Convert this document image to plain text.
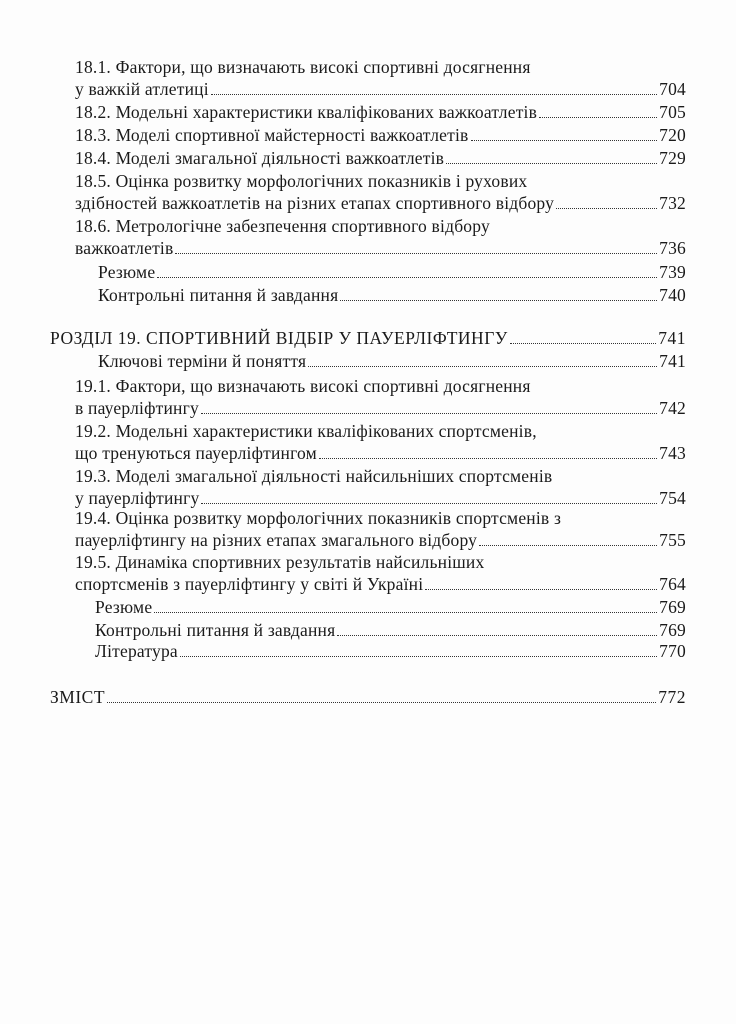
18.1. Фактори, що визначають високі спортивні досягнення
у важкій атлетиці	704
18.2. Модельні характеристики кваліфікованих важкоатлетів	705
18.3. Моделі спортивної майстерності важкоатлетів	720
18.4. Моделі змагальної діяльності важкоатлетів	729
18.5. Оцінка розвитку морфологічних показників і рухових
здібностей важкоатлетів на різних етапах спортивного відбору	732
18.6. Метрологічне забезпечення спортивного відбору
важкоатлетів	736
Резюме	739
Контрольні питання й завдання	740
РОЗДІЛ 19. СПОРТИВНИЙ ВІДБІР У ПАУЕРЛІФТИНГУ	741
Ключові терміни й поняття	741
19.1. Фактори, що визначають високі спортивні досягнення
в пауерліфтингу	742
19.2. Модельні характеристики кваліфікованих спортсменів,
що тренуються пауерліфтингом	743
19.3. Моделі змагальної діяльності найсильніших спортсменів
у пауерліфтингу	754
19.4. Оцінка розвитку морфологічних показників спортсменів з
пауерліфтингу на різних етапах змагального відбору	755
19.5. Динаміка спортивних результатів найсильніших
спортсменів з пауерліфтингу у світі й Україні	764
Резюме	769
Контрольні питання й завдання	769
Література	770
ЗМІСТ	772
